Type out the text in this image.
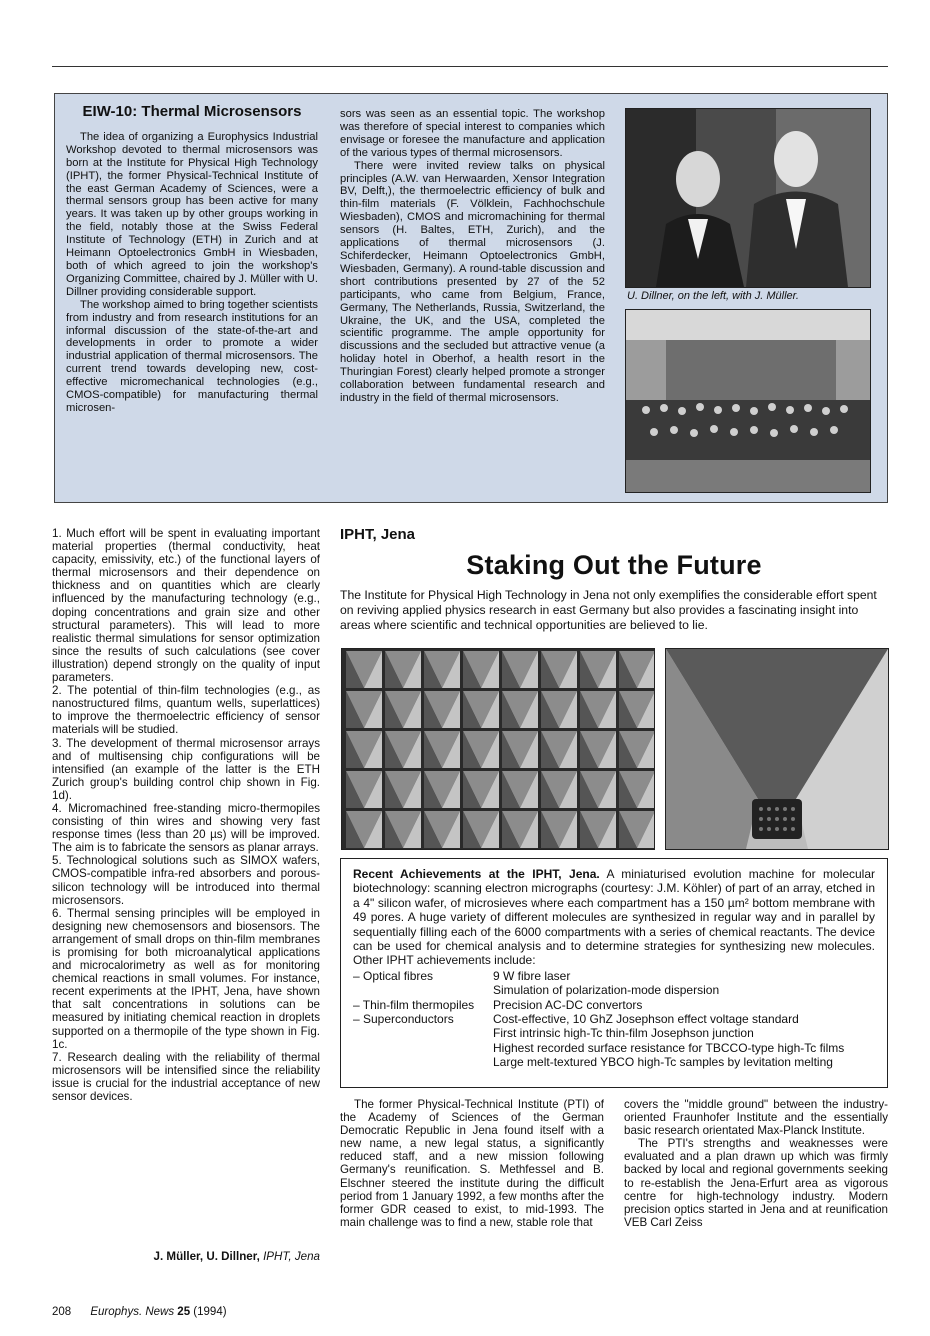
EIW-10: Thermal Microsensors

The idea of organizing a Europhysics Industrial Workshop devoted to thermal microsensors was born at the Institute for Physical High Technology (IPHT), the former Physical-Technical Institute of the east German Academy of Sciences, were a thermal sensors group has been active for many years. It was taken up by other groups working in the field, notably those at the Swiss Federal Institute of Technology (ETH) in Zurich and at Heimann Optoelectronics GmbH in Wiesbaden, both of which agreed to join the workshop's Organizing Committee, chaired by J. Müller with U. Dillner providing considerable support.

The workshop aimed to bring together scientists from industry and from research institutions for an informal discussion of the state-of-the-art and developments in order to promote a wider industrial application of thermal microsensors. The current trend towards developing new, cost-effective micromechanical technologies (e.g., CMOS-compatible) for manufacturing thermal microsen-

sors was seen as an essential topic. The workshop was therefore of special interest to companies which envisage or foresee the manufacture and application of the various types of thermal microsensors.

There were invited review talks on physical principles (A.W. van Herwaarden, Xensor Integration BV, Delft,), the thermoelectric efficiency of bulk and thin-film materials (F. Völklein, Fachhochschule Wiesbaden), CMOS and micromachining for thermal sensors (H. Baltes, ETH, Zurich), and the applications of thermal microsensors (J. Schiferdecker, Heimann Optoelectronics GmbH, Wiesbaden, Germany). A round-table discussion and short contributions presented by 27 of the 52 participants, who came from Belgium, France, Germany, The Netherlands, Russia, Switzerland, the Ukraine, the UK, and the USA, completed the scientific programme. The ample opportunity for discussions and the secluded but attractive venue (a holiday hotel in Oberhof, a health resort in the Thuringian Forest) clearly helped promote a stronger collaboration between fundamental research and industry in the field of thermal microsensors.

U. Dillner, on the left, with J. Müller.

1. Much effort will be spent in evaluating important material properties (thermal conductivity, heat capacity, emissivity, etc.) of the functional layers of thermal microsensors and their dependence on thickness and on quantities which are clearly influenced by the manufacturing technology (e.g., doping concentrations and grain size and other structural parameters). This will lead to more realistic thermal simulations for sensor optimization since the results of such calculations (see cover illustration) depend strongly on the quality of input parameters.

2. The potential of thin-film technologies (e.g., as nanostructured films, quantum wells, superlattices) to improve the thermoelectric efficiency of sensor materials will be studied.

3. The development of thermal microsensor arrays and of multisensing chip configurations will be intensified (an example of the latter is the ETH Zurich group's building control chip shown in Fig. 1d).

4. Micromachined free-standing micro-thermopiles consisting of thin wires and showing very fast response times (less than 20 µs) will be improved. The aim is to fabricate the sensors as planar arrays.

5. Technological solutions such as SIMOX wafers, CMOS-compatible infra-red absorbers and porous-silicon technology will be introduced into thermal microsensors.

6. Thermal sensing principles will be employed in designing new chemosensors and biosensors. The arrangement of small drops on thin-film membranes is promising for both microanalytical applications and microcalorimetry as well as for monitoring chemical reactions in small volumes. For instance, recent experiments at the IPHT, Jena, have shown that salt concentrations in solutions can be measured by initiating chemical reaction in droplets supported on a thermopile of the type shown in Fig. 1c.

7. Research dealing with the reliability of thermal microsensors will be intensified since the reliability issue is crucial for the industrial acceptance of new sensor devices.

J. Müller, U. Dillner, IPHT, Jena
208 Europhys. News 25 (1994)
IPHT, Jena
Staking Out the Future
The Institute for Physical High Technology in Jena not only exemplifies the considerable effort spent on reviving applied physics research in east Germany but also provides a fascinating insight into areas where scientific and technical opportunities are believed to lie.

Recent Achievements at the IPHT, Jena. A miniaturised evolution machine for molecular biotechnology: scanning electron micrographs (courtesy: J.M. Köhler) of part of an array, etched in a 4" silicon wafer, of microsieves where each compartment has a 150 µm² bottom membrane with 49 pores. A huge variety of different molecules are synthesized in regular way and in parallel by sequentially filling each of the 6000 compartments with a series of chemical reactants. The device can be used for chemical analysis and to determine strategies for synthesizing new molecules. Other IPHT achievements include:

– Optical fibres	9 W fibre laser
Simulation of polarization-mode dispersion
– Thin-film thermopiles	Precision AC-DC convertors
– Superconductors	Cost-effective, 10 GhZ Josephson effect voltage standard
First intrinsic high-Tc thin-film Josephson junction
Highest recorded surface resistance for TBCCO-type high-Tc films
Large melt-textured YBCO high-Tc samples by levitation melting

The former Physical-Technical Institute (PTI) of the Academy of Sciences of the German Democratic Republic in Jena found itself with a new name, a new legal status, a significantly reduced staff, and a new mission following Germany's reunification. S. Methfessel and B. Elschner steered the institute during the difficult period from 1 January 1992, a few months after the former GDR ceased to exist, to mid-1993. The main challenge was to find a new, stable role that

covers the "middle ground" between the industry-oriented Fraunhofer Institute and the essentially basic research orientated Max-Planck Institute.

The PTI's strengths and weaknesses were evaluated and a plan drawn up which was firmly backed by local and regional governments seeking to re-establish the Jena-Erfurt area as vigorous centre for high-technology industry. Modern precision optics started in Jena and at reunification VEB Carl Zeiss
